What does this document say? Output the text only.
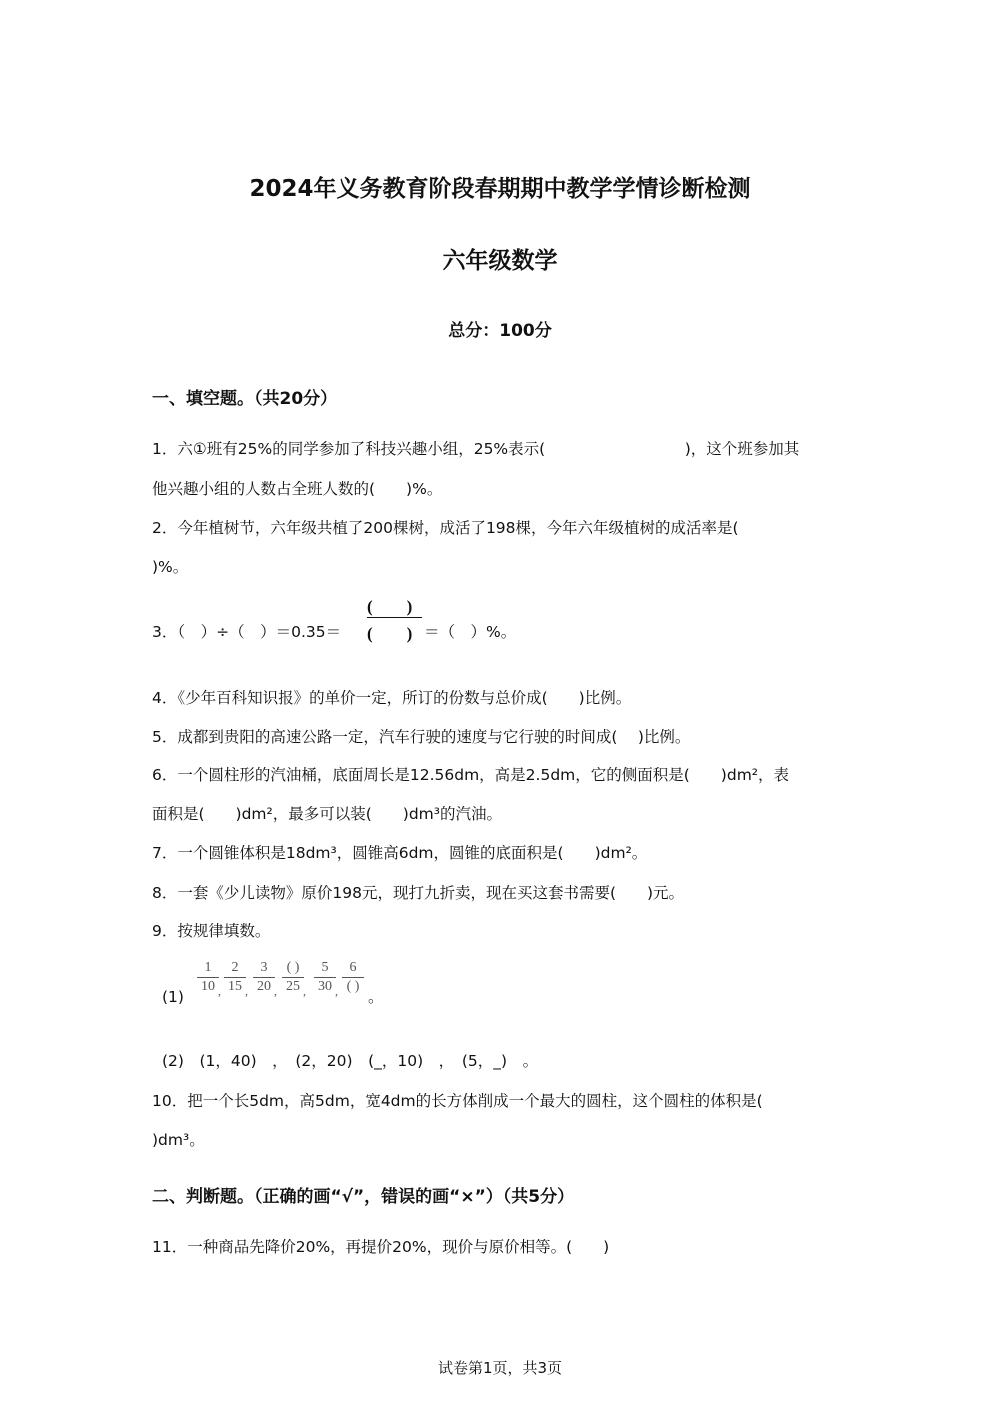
2024年义务教育阶段春期期中教学学情诊断检测
六年级数学
总分：100分
一、填空题。（共20分）
1．六①班有25%的同学参加了科技兴趣小组，25%表示(　　　　　　　　　)，这个班参加其
他兴趣小组的人数占全班人数的(　　)%。
2．今年植树节，六年级共植了200棵树，成活了198棵，今年六年级植树的成活率是(
)%。
3．（　）÷（　）＝0.35＝
(　　)
(　　) ＝（　）%。
4．《少年百科知识报》的单价一定，所订的份数与总价成(　　)比例。
5．成都到贵阳的高速公路一定，汽车行驶的速度与它行驶的时间成(　 )比例。
6．一个圆柱形的汽油桶，底面周长是12.56dm，高是2.5dm，它的侧面积是(　　)dm²，表
面积是(　　)dm²，最多可以装(　　)dm³的汽油。
7．一个圆锥体积是18dm³，圆锥高6dm，圆锥的底面积是(　　)dm²。
8．一套《少儿读物》原价198元，现打九折卖，现在买这套书需要(　　)元。
9．按规律填数。
(1)
1
10 ,
2
15 ,
3
20 ,
( )
25 ,
5
30 ,
6
( )
。
(2)　(1，40)　，　(2，20)　(_，10)　，　(5，_)　。
10．把一个长5dm，高5dm，宽4dm的长方体削成一个最大的圆柱，这个圆柱的体积是(
)dm³。
二、判断题。（正确的画“√”，错误的画“×”）（共5分）
11．一种商品先降价20%，再提价20%，现价与原价相等。(　　)
试卷第1页，共3页
